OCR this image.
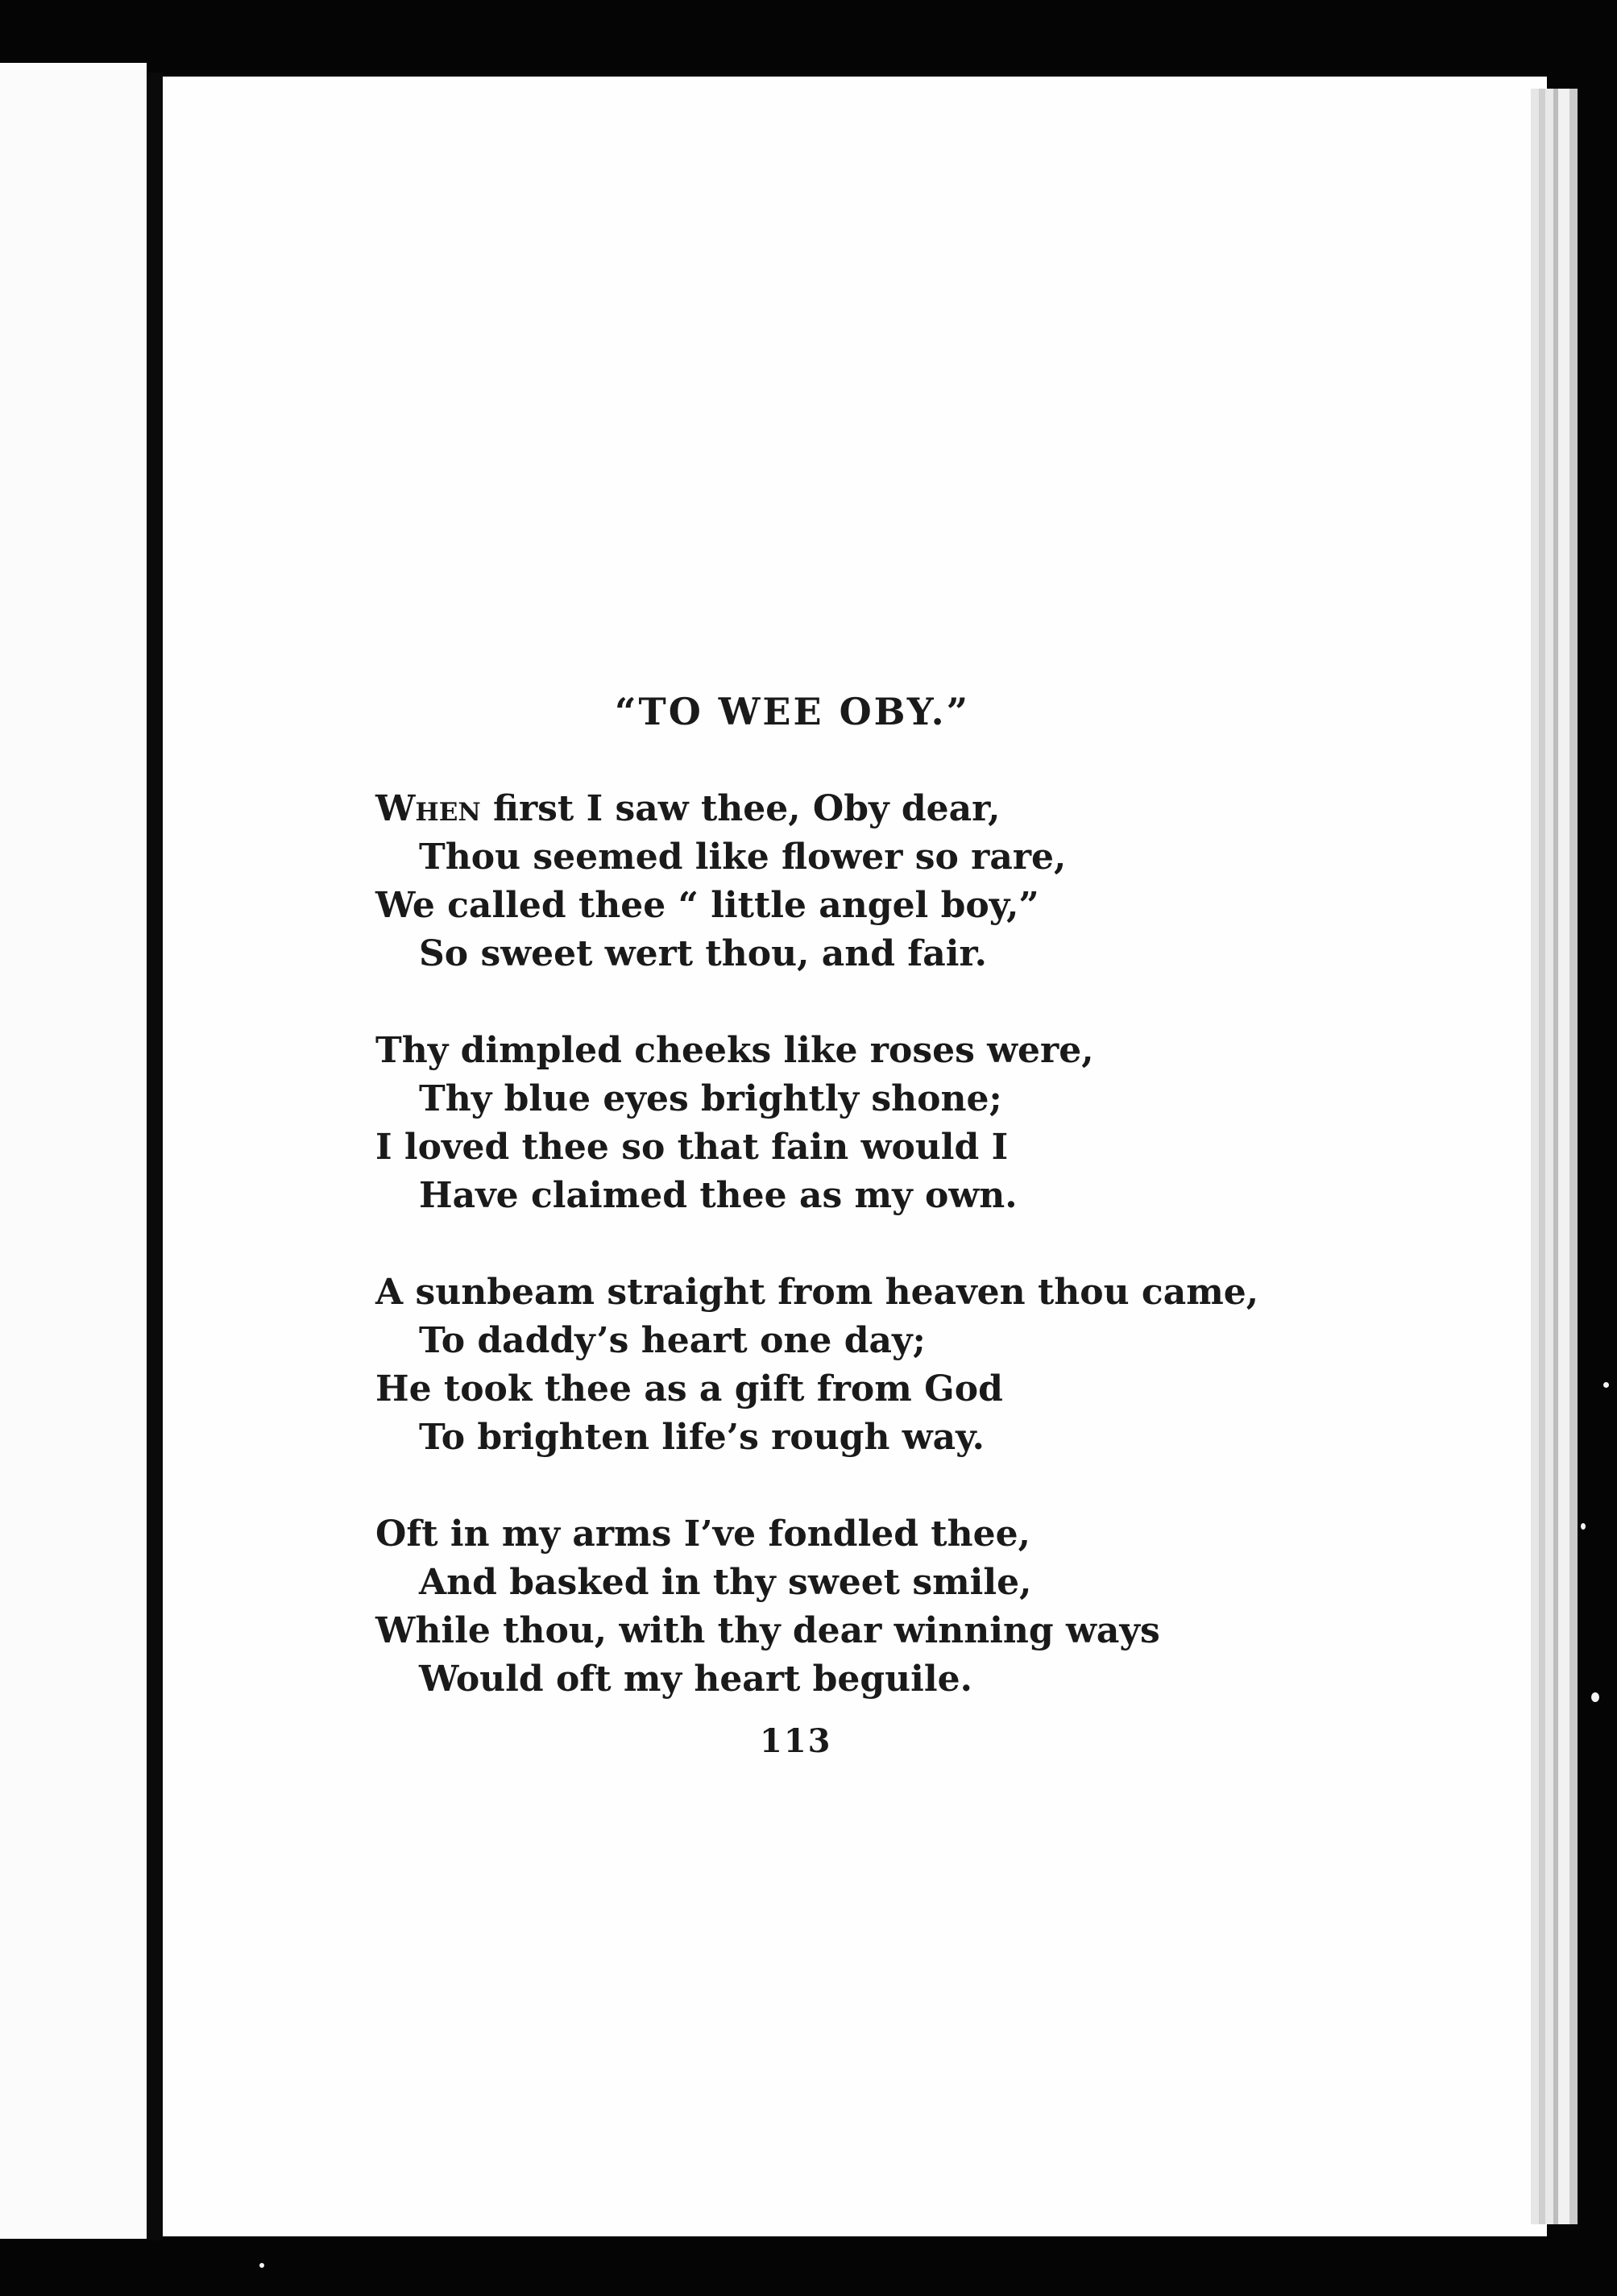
“TO WEE OBY.”
When first I saw thee, Oby dear,
Thou seemed like flower so rare,
We called thee “ little angel boy,”
So sweet wert thou, and fair.
Thy dimpled cheeks like roses were,
Thy blue eyes brightly shone;
I loved thee so that fain would I
Have claimed thee as my own.
A sunbeam straight from heaven thou came,
To daddy’s heart one day;
He took thee as a gift from God
To brighten life’s rough way.
Oft in my arms I’ve fondled thee,
And basked in thy sweet smile,
While thou, with thy dear winning ways
Would oft my heart beguile.
113
